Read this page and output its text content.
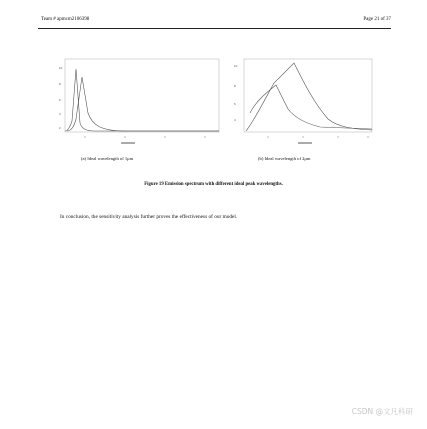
Team # apmcm2106398	Page 21 of 37
10
8
6
4
2
10
8
6
4
(a) Ideal wavelength of 1μm	(b) Ideal wavelength of 2μm
Figure 19 Emission spectrum with different ideal peak wavelengths.
In conclusion, the sensitivity analysis further proves the effectiveness of our model.
CSDN @文凡科研
